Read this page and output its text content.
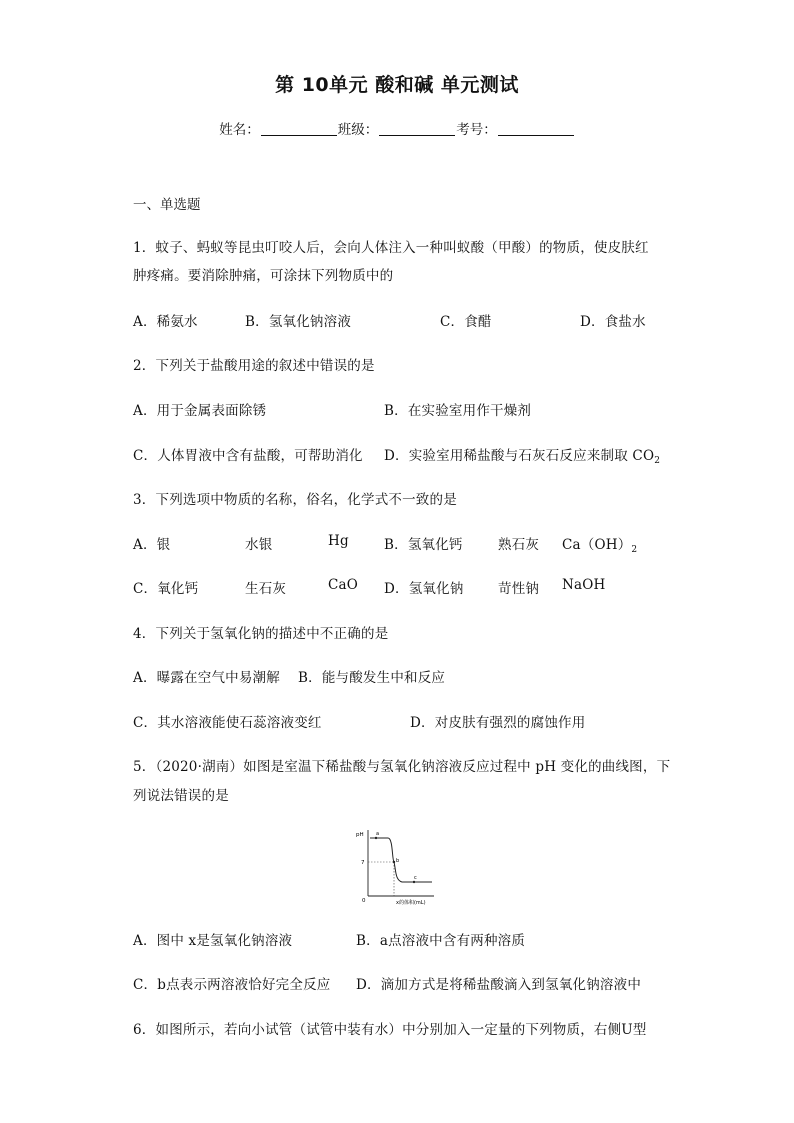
第 10单元 酸和碱 单元测试
姓名：	班级：	考号：
一、单选题
1．蚊子、蚂蚁等昆虫叮咬人后，会向人体注入一种叫蚁酸（甲酸）的物质，使皮肤红
肿疼痛。要消除肿痛，可涂抹下列物质中的
A．稀氨水	B．氢氧化钠溶液	C．食醋	D．食盐水
2．下列关于盐酸用途的叙述中错误的是
A．用于金属表面除锈	B．在实验室用作干燥剂
C．人体胃液中含有盐酸，可帮助消化 D．实验室用稀盐酸与石灰石反应来制取 $CO_2$
3．下列选项中物质的名称，俗名，化学式不一致的是
A．银	水银	Hg	B．氢氧化钙	熟石灰 $Ca(OH)_2$
C．氧化钙	生石灰	CaO D．氢氧化钠	苛性钠 NaOH
4．下列关于氢氧化钠的描述中不正确的是
A．曝露在空气中易潮解 B．能与酸发生中和反应
C．其水溶液能使石蕊溶液变红	D．对皮肤有强烈的腐蚀作用
5．（2020·湖南）如图是室温下稀盐酸与氢氧化钠溶液反应过程中 pH 变化的曲线图，下
列说法错误的是
pH
7
0
a
b
c
x的体积(mL)
A．图中 x是氢氧化钠溶液	B．a点溶液中含有两种溶质
C．b点表示两溶液恰好完全反应 D．滴加方式是将稀盐酸滴入到氢氧化钠溶液中
6．如图所示，若向小试管（试管中装有水）中分别加入一定量的下列物质，右侧U型
